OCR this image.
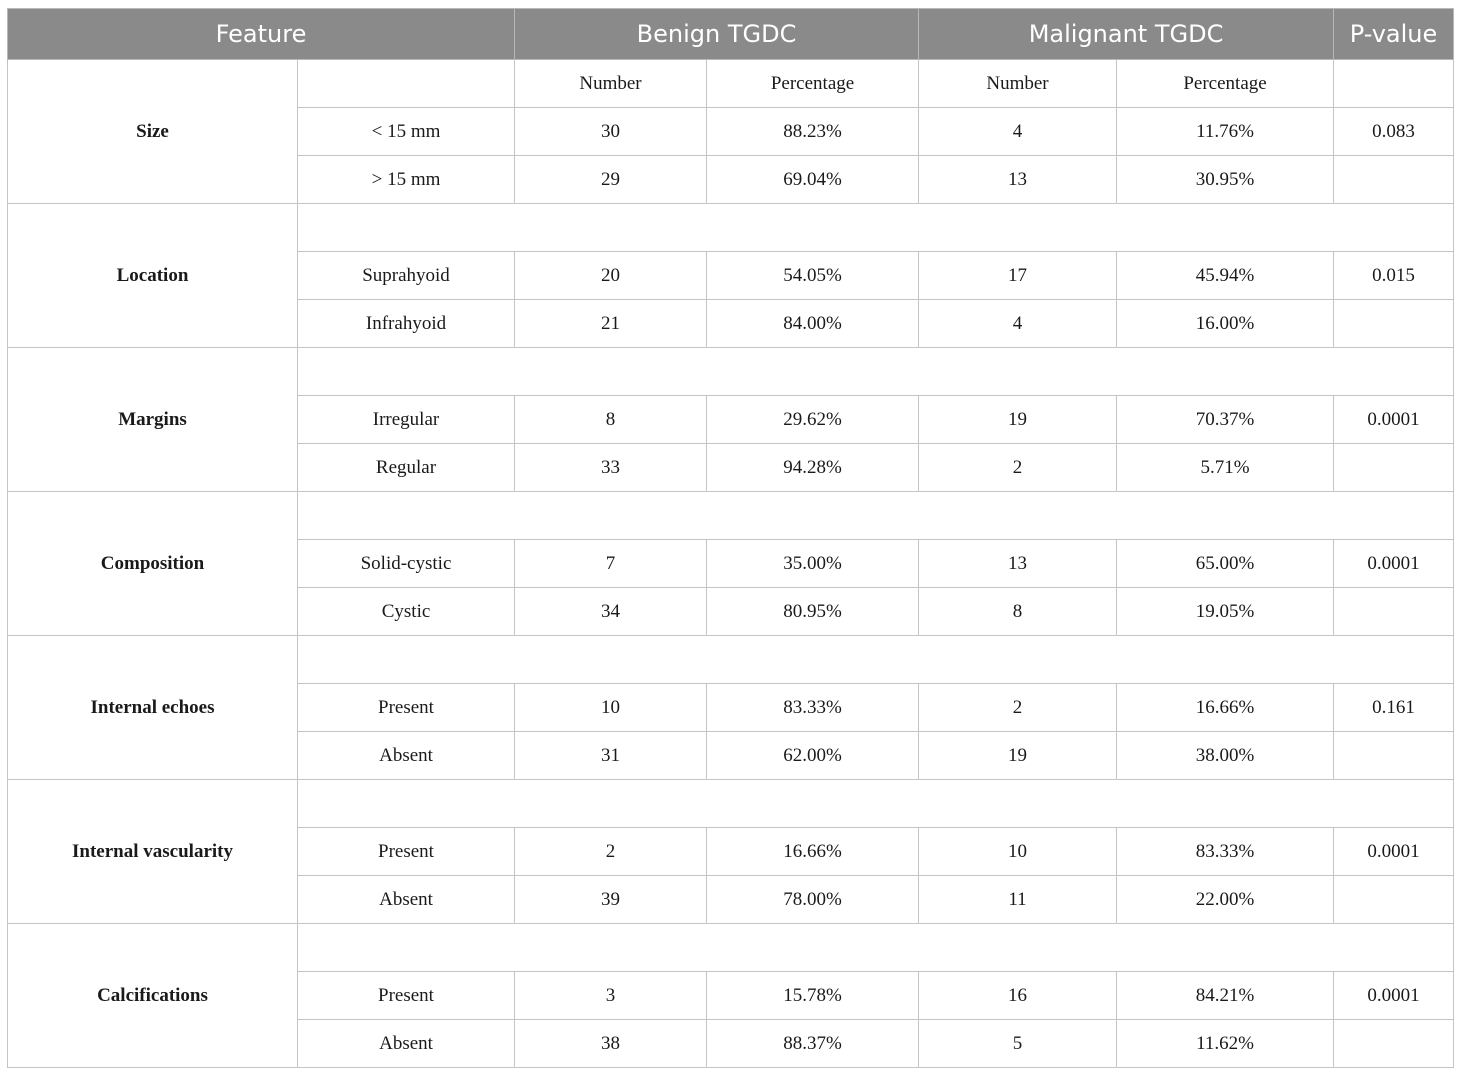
Feature		Benign TGDC		Malignant TGDC		P-value
Size		Number	Percentage	Number	Percentage	
	< 15 mm	30	88.23%	4	11.76%	0.083
	> 15 mm	29	69.04%	13	30.95%	
Location						
	Suprahyoid	20	54.05%	17	45.94%	0.015
	Infrahyoid	21	84.00%	4	16.00%	
Margins						
	Irregular	8	29.62%	19	70.37%	0.0001
	Regular	33	94.28%	2	5.71%	
Composition						
	Solid-cystic	7	35.00%	13	65.00%	0.0001
	Cystic	34	80.95%	8	19.05%	
Internal echoes						
	Present	10	83.33%	2	16.66%	0.161
	Absent	31	62.00%	19	38.00%	
Internal vascularity						
	Present	2	16.66%	10	83.33%	0.0001
	Absent	39	78.00%	11	22.00%	
Calcifications						
	Present	3	15.78%	16	84.21%	0.0001
	Absent	38	88.37%	5	11.62%	
